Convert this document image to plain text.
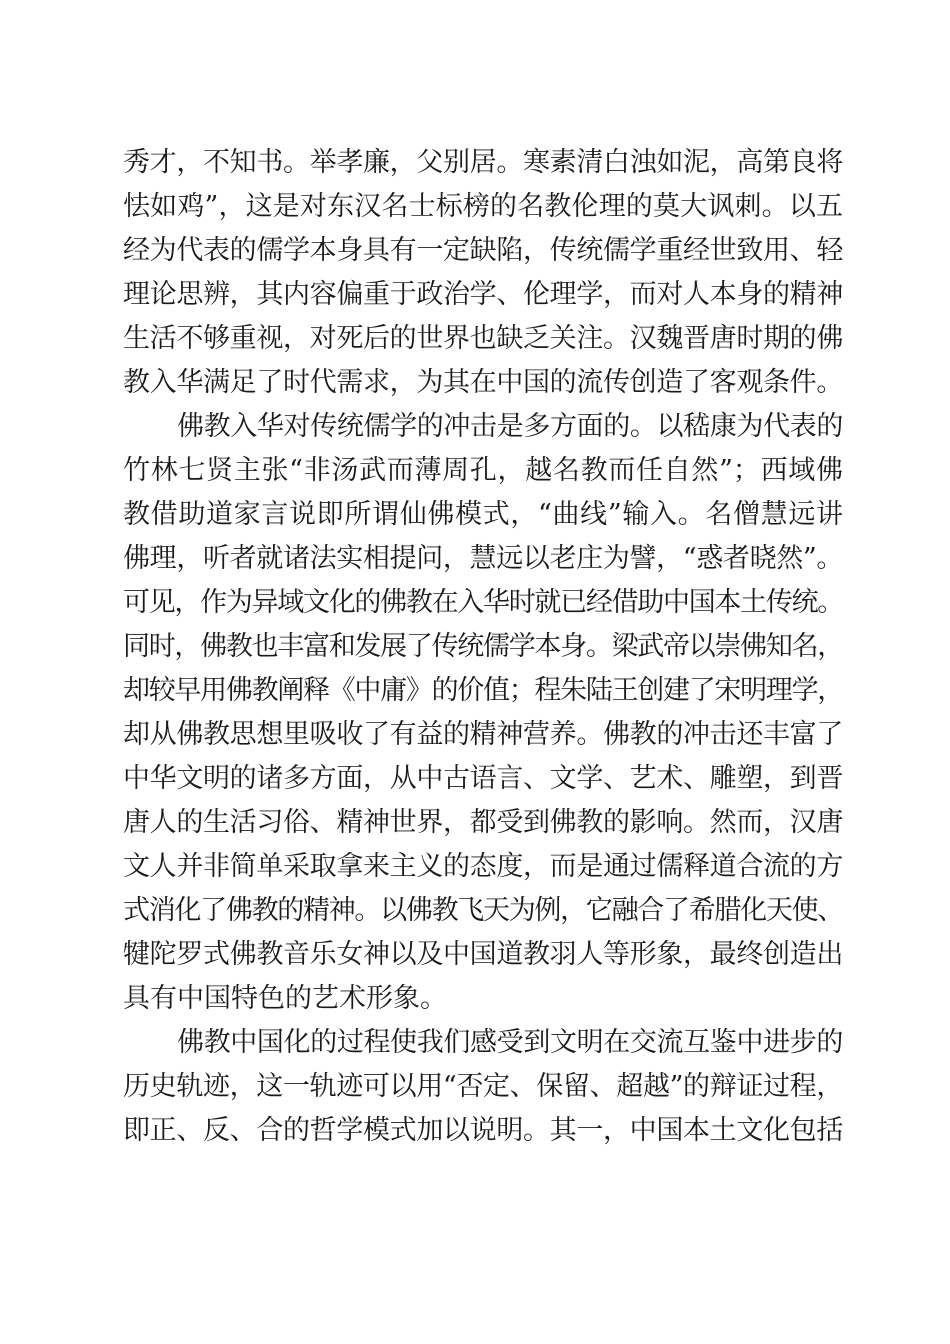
秀才，不知书。举孝廉，父别居。寒素清白浊如泥，高第良将
怯如鸡”，这是对东汉名士标榜的名教伦理的莫大讽刺。以五
经为代表的儒学本身具有一定缺陷，传统儒学重经世致用、轻
理论思辨，其内容偏重于政治学、伦理学，而对人本身的精神
生活不够重视，对死后的世界也缺乏关注。汉魏晋唐时期的佛
教入华满足了时代需求，为其在中国的流传创造了客观条件。
佛教入华对传统儒学的冲击是多方面的。以嵇康为代表的
竹林七贤主张“非汤武而薄周孔，越名教而任自然”；西域佛
教借助道家言说即所谓仙佛模式，“曲线”输入。名僧慧远讲
佛理，听者就诸法实相提问，慧远以老庄为譬，“惑者晓然”。
可见，作为异域文化的佛教在入华时就已经借助中国本土传统。
同时，佛教也丰富和发展了传统儒学本身。梁武帝以崇佛知名，
却较早用佛教阐释《中庸》的价值；程朱陆王创建了宋明理学，
却从佛教思想里吸收了有益的精神营养。佛教的冲击还丰富了
中华文明的诸多方面，从中古语言、文学、艺术、雕塑，到晋
唐人的生活习俗、精神世界，都受到佛教的影响。然而，汉唐
文人并非简单采取拿来主义的态度，而是通过儒释道合流的方
式消化了佛教的精神。以佛教飞天为例，它融合了希腊化天使、
犍陀罗式佛教音乐女神以及中国道教羽人等形象，最终创造出
具有中国特色的艺术形象。
佛教中国化的过程使我们感受到文明在交流互鉴中进步的
历史轨迹，这一轨迹可以用“否定、保留、超越”的辩证过程，
即正、反、合的哲学模式加以说明。其一，中国本土文化包括
